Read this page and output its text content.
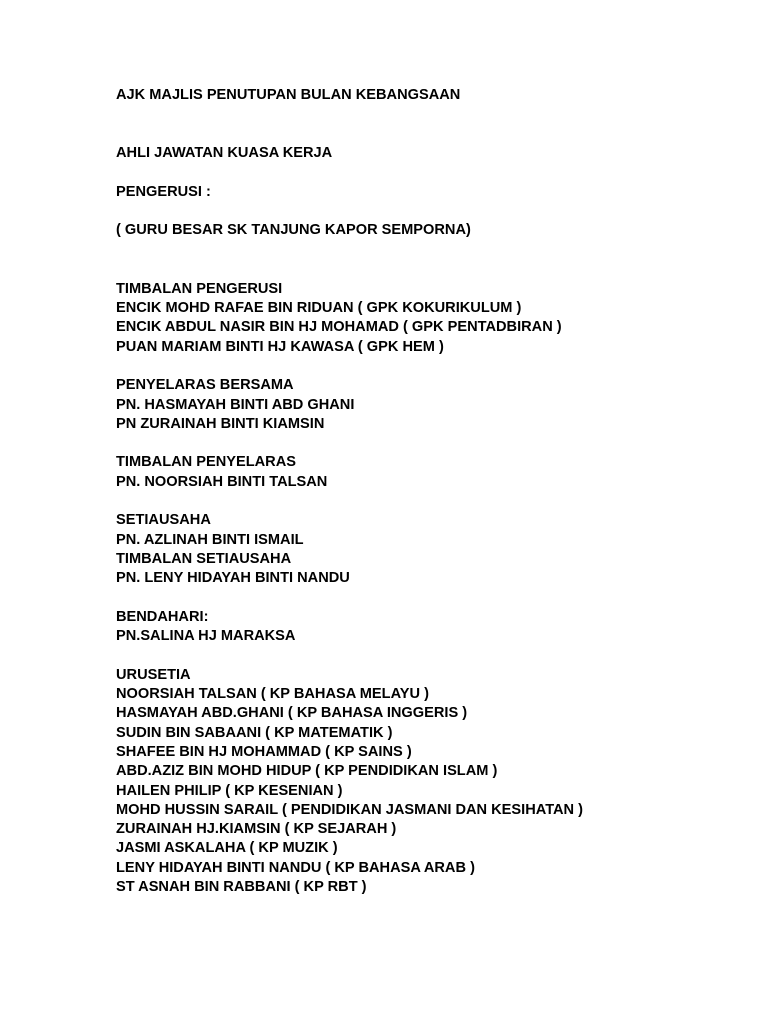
AJK MAJLIS PENUTUPAN BULAN KEBANGSAAN
AHLI JAWATAN KUASA KERJA
PENGERUSI :
( GURU BESAR SK TANJUNG KAPOR SEMPORNA)
TIMBALAN PENGERUSI
ENCIK MOHD RAFAE BIN RIDUAN ( GPK KOKURIKULUM )
ENCIK ABDUL NASIR BIN HJ MOHAMAD ( GPK PENTADBIRAN )
PUAN MARIAM BINTI HJ KAWASA ( GPK HEM )
PENYELARAS BERSAMA
PN. HASMAYAH BINTI ABD GHANI
PN ZURAINAH BINTI KIAMSIN
TIMBALAN PENYELARAS
PN. NOORSIAH BINTI TALSAN
SETIAUSAHA
PN. AZLINAH BINTI ISMAIL
TIMBALAN SETIAUSAHA
PN. LENY HIDAYAH BINTI NANDU
BENDAHARI:
PN.SALINA HJ MARAKSA
URUSETIA
NOORSIAH TALSAN ( KP BAHASA MELAYU )
HASMAYAH ABD.GHANI ( KP BAHASA INGGERIS )
SUDIN BIN SABAANI ( KP MATEMATIK )
SHAFEE BIN HJ MOHAMMAD ( KP SAINS )
ABD.AZIZ BIN MOHD HIDUP ( KP PENDIDIKAN ISLAM )
HAILEN PHILIP ( KP KESENIAN )
MOHD HUSSIN SARAIL ( PENDIDIKAN JASMANI DAN KESIHATAN )
ZURAINAH HJ.KIAMSIN ( KP SEJARAH )
JASMI ASKALAHA ( KP MUZIK )
LENY HIDAYAH BINTI NANDU ( KP BAHASA ARAB )
ST ASNAH BIN RABBANI ( KP RBT )
